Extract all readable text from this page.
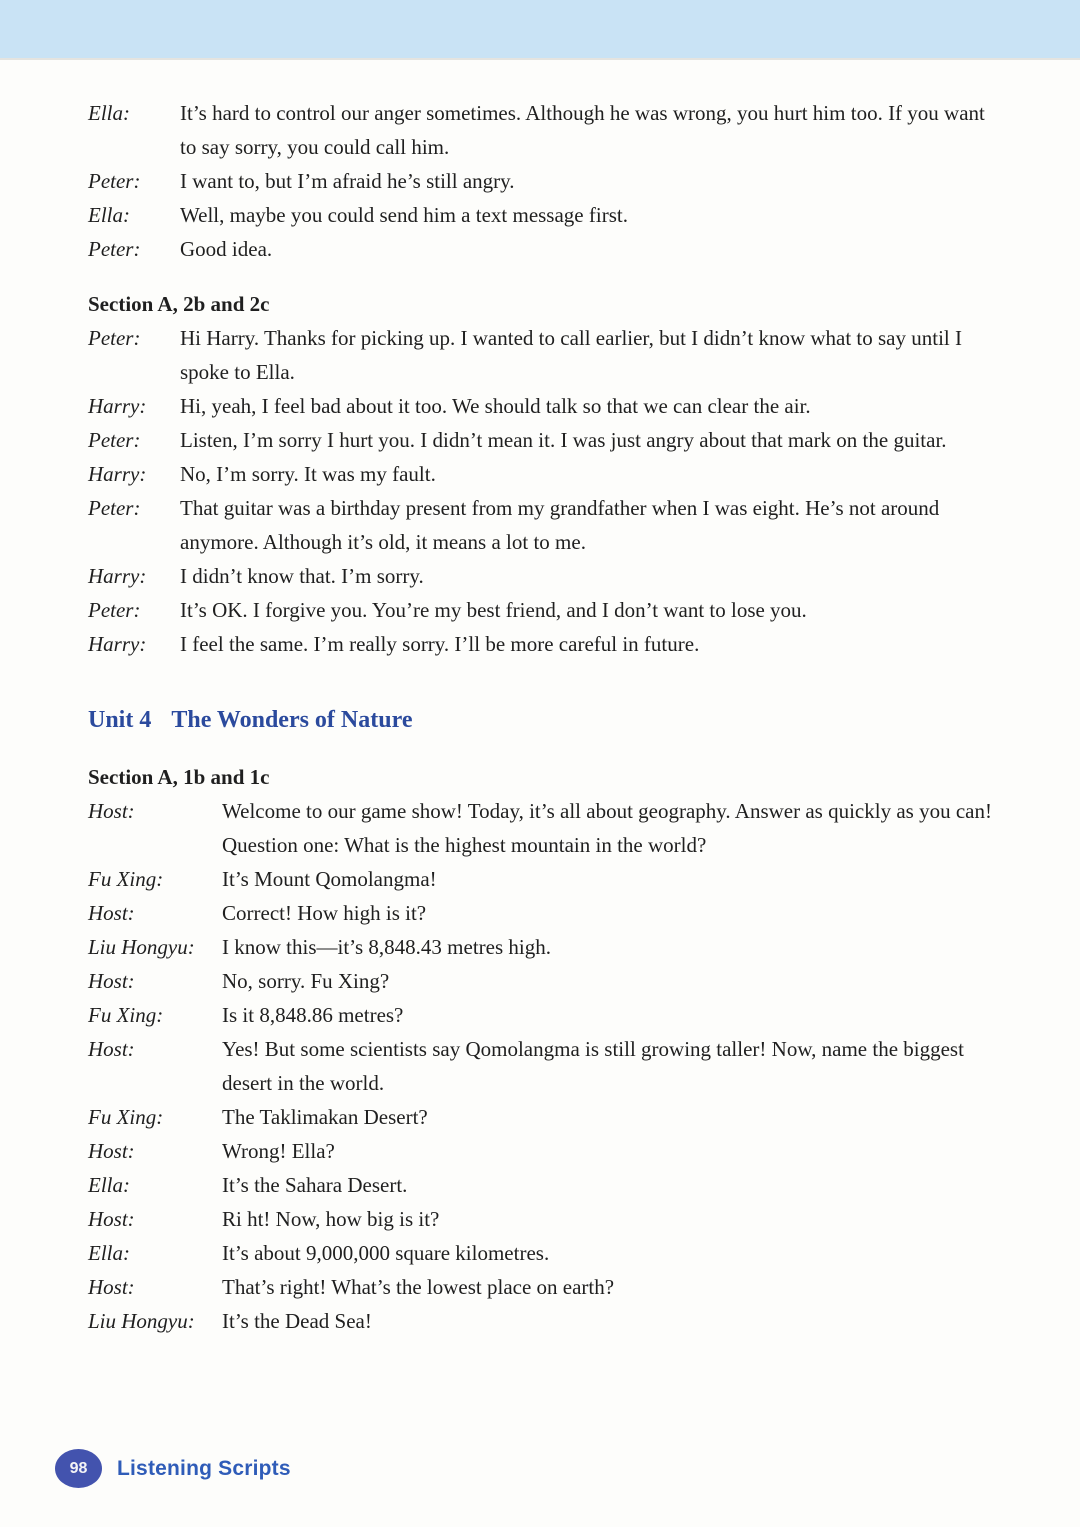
Ella:	It’s hard to control our anger sometimes. Although he was wrong, you hurt him too. If you want to say sorry, you could call him.
Peter:	I want to, but I’m afraid he’s still angry.
Ella:	Well, maybe you could send him a text message first.
Peter:	Good idea.
Section A, 2b and 2c
Peter:	Hi Harry. Thanks for picking up. I wanted to call earlier, but I didn’t know what to say until I spoke to Ella.
Harry:	Hi, yeah, I feel bad about it too. We should talk so that we can clear the air.
Peter:	Listen, I’m sorry I hurt you. I didn’t mean it. I was just angry about that mark on the guitar.
Harry:	No, I’m sorry. It was my fault.
Peter:	That guitar was a birthday present from my grandfather when I was eight. He’s not around anymore. Although it’s old, it means a lot to me.
Harry:	I didn’t know that. I’m sorry.
Peter:	It’s OK. I forgive you. You’re my best friend, and I don’t want to lose you.
Harry:	I feel the same. I’m really sorry. I’ll be more careful in future.
Unit 4 The Wonders of Nature
Section A, 1b and 1c
Host:	Welcome to our game show! Today, it’s all about geography. Answer as quickly as you can! Question one: What is the highest mountain in the world?
Fu Xing:	It’s Mount Qomolangma!
Host:	Correct! How high is it?
Liu Hongyu:	I know this—it’s 8,848.43 metres high.
Host:	No, sorry. Fu Xing?
Fu Xing:	Is it 8,848.86 metres?
Host:	Yes! But some scientists say Qomolangma is still growing taller! Now, name the biggest desert in the world.
Fu Xing:	The Taklimakan Desert?
Host:	Wrong! Ella?
Ella:	It’s the Sahara Desert.
Host:	Ri ht! Now, how big is it?
Ella:	It’s about 9,000,000 square kilometres.
Host:	That’s right! What’s the lowest place on earth?
Liu Hongyu:	It’s the Dead Sea!
98 Listening Scripts
